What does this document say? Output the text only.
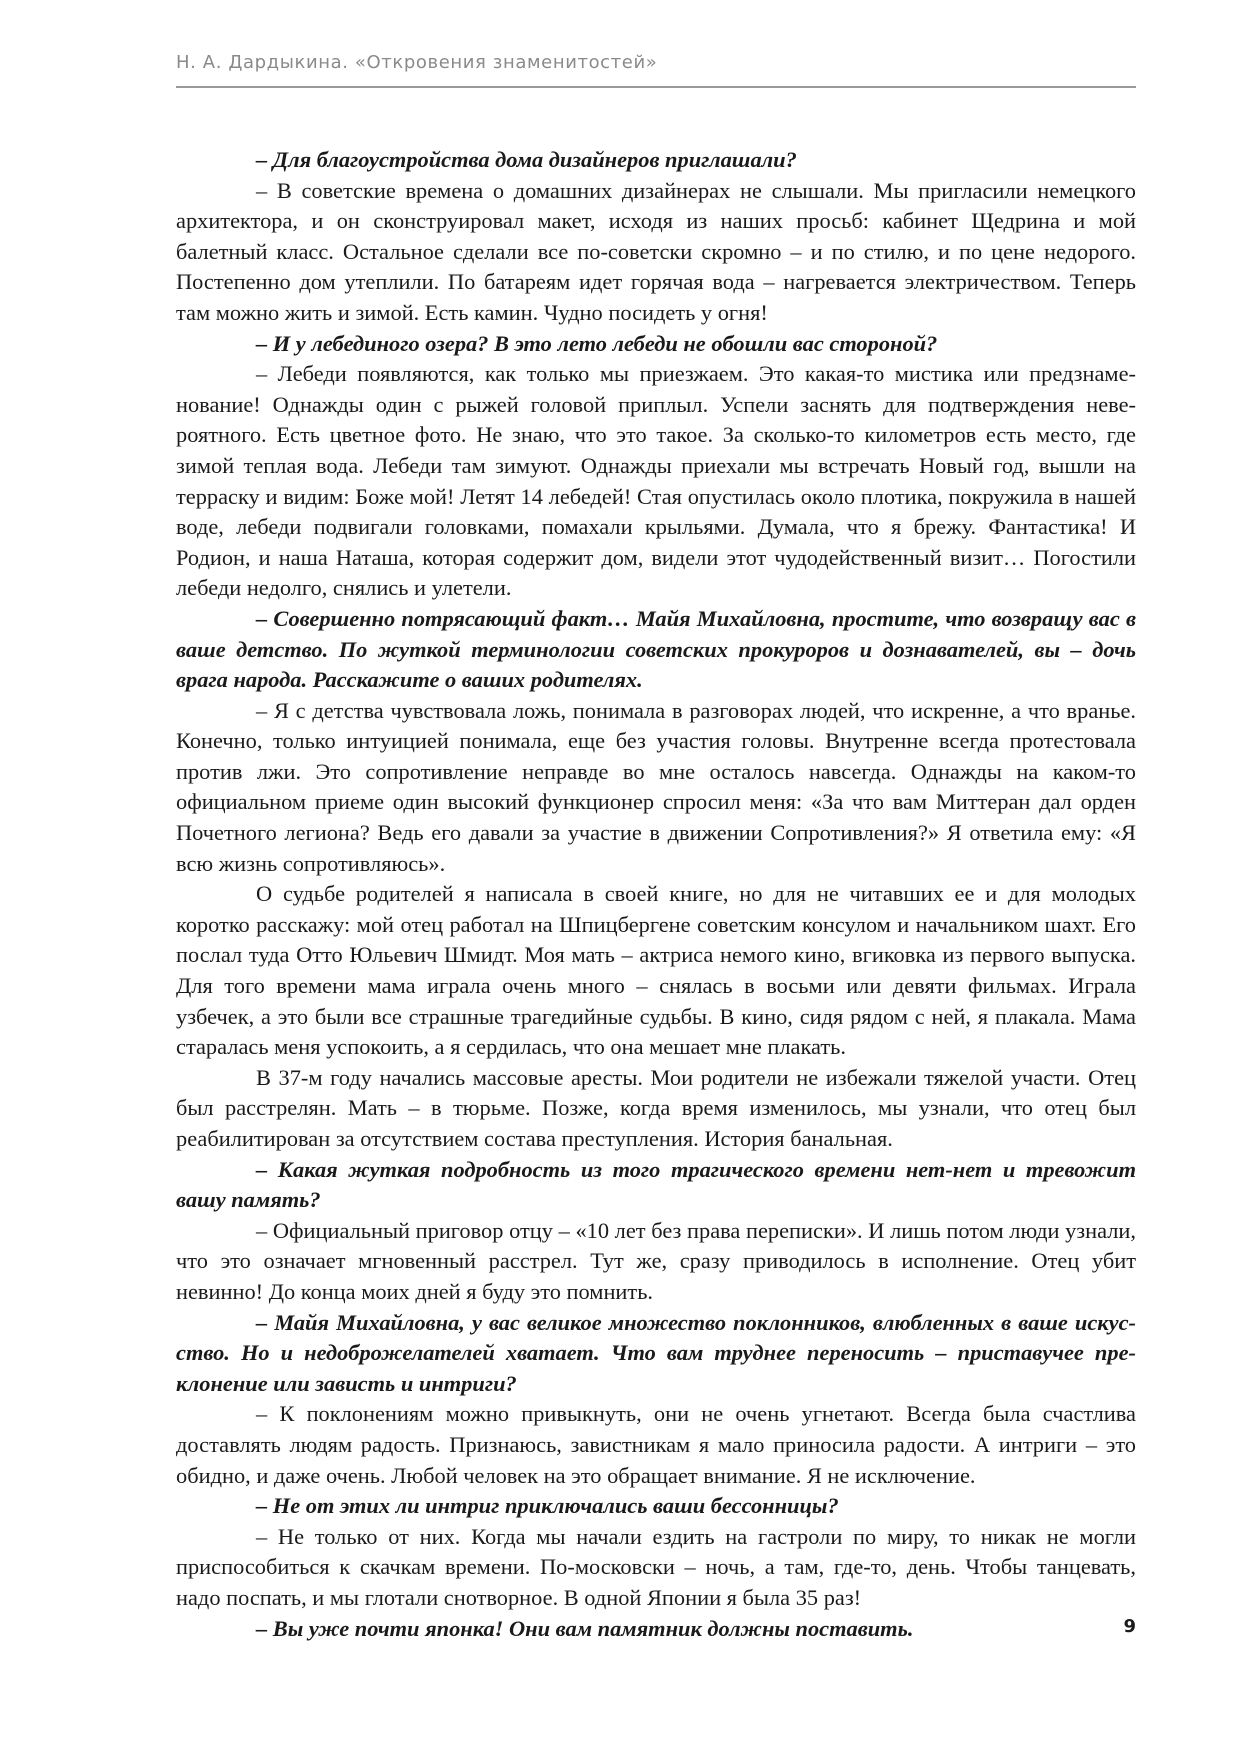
Н. А. Дардыкина. «Откровения знаменитостей»

– Для благоустройства дома дизайнеров приглашали?

– В советские времена о домашних дизайнерах не слышали. Мы пригласили немецкого архитектора, и он сконструировал макет, исходя из наших просьб: кабинет Щедрина и мой балетный класс. Остальное сделали все по-советски скромно – и по стилю, и по цене недорого. Постепенно дом утеплили. По батареям идет горячая вода – нагревается электричеством. Теперь там можно жить и зимой. Есть камин. Чудно посидеть у огня!

– И у лебединого озера? В это лето лебеди не обошли вас стороной?

– Лебеди появляются, как только мы приезжаем. Это какая-то мистика или предзнаменование! Однажды один с рыжей головой приплыл. Успели заснять для подтверждения невероятного. Есть цветное фото. Не знаю, что это такое. За сколько-то километров есть место, где зимой теплая вода. Лебеди там зимуют. Однажды приехали мы встречать Новый год, вышли на терраску и видим: Боже мой! Летят 14 лебедей! Стая опустилась около плотика, покружила в нашей воде, лебеди подвигали головками, помахали крыльями. Думала, что я брежу. Фантастика! И Родион, и наша Наташа, которая содержит дом, видели этот чудодейственный визит… Погостили лебеди недолго, снялись и улетели.

– Совершенно потрясающий факт… Майя Михайловна, простите, что возвращу вас в ваше детство. По жуткой терминологии советских прокуроров и дознавателей, вы – дочь врага народа. Расскажите о ваших родителях.

– Я с детства чувствовала ложь, понимала в разговорах людей, что искренне, а что вранье. Конечно, только интуицией понимала, еще без участия головы. Внутренне всегда протестовала против лжи. Это сопротивление неправде во мне осталось навсегда. Однажды на каком-то официальном приеме один высокий функционер спросил меня: «За что вам Миттеран дал орден Почетного легиона? Ведь его давали за участие в движении Сопротивления?» Я ответила ему: «Я всю жизнь сопротивляюсь».

О судьбе родителей я написала в своей книге, но для не читавших ее и для молодых коротко расскажу: мой отец работал на Шпицбергене советским консулом и начальником шахт. Его послал туда Отто Юльевич Шмидт. Моя мать – актриса немого кино, вгиковка из первого выпуска. Для того времени мама играла очень много – снялась в восьми или девяти фильмах. Играла узбечек, а это были все страшные трагедийные судьбы. В кино, сидя рядом с ней, я плакала. Мама старалась меня успокоить, а я сердилась, что она мешает мне плакать.

В 37-м году начались массовые аресты. Мои родители не избежали тяжелой участи. Отец был расстрелян. Мать – в тюрьме. Позже, когда время изменилось, мы узнали, что отец был реабилитирован за отсутствием состава преступления. История банальная.

– Какая жуткая подробность из того трагического времени нет-нет и тревожит вашу память?

– Официальный приговор отцу – «10 лет без права переписки». И лишь потом люди узнали, что это означает мгновенный расстрел. Тут же, сразу приводилось в исполнение. Отец убит невинно! До конца моих дней я буду это помнить.

– Майя Михайловна, у вас великое множество поклонников, влюбленных в ваше искусство. Но и недоброжелателей хватает. Что вам труднее переносить – приставучее преклонение или зависть и интриги?

– К поклонениям можно привыкнуть, они не очень угнетают. Всегда была счастлива доставлять людям радость. Признаюсь, завистникам я мало приносила радости. А интриги – это обидно, и даже очень. Любой человек на это обращает внимание. Я не исключение.

– Не от этих ли интриг приключались ваши бессонницы?

– Не только от них. Когда мы начали ездить на гастроли по миру, то никак не могли приспособиться к скачкам времени. По-московски – ночь, а там, где-то, день. Чтобы танцевать, надо поспать, и мы глотали снотворное. В одной Японии я была 35 раз!

– Вы уже почти японка! Они вам памятник должны поставить.	9
